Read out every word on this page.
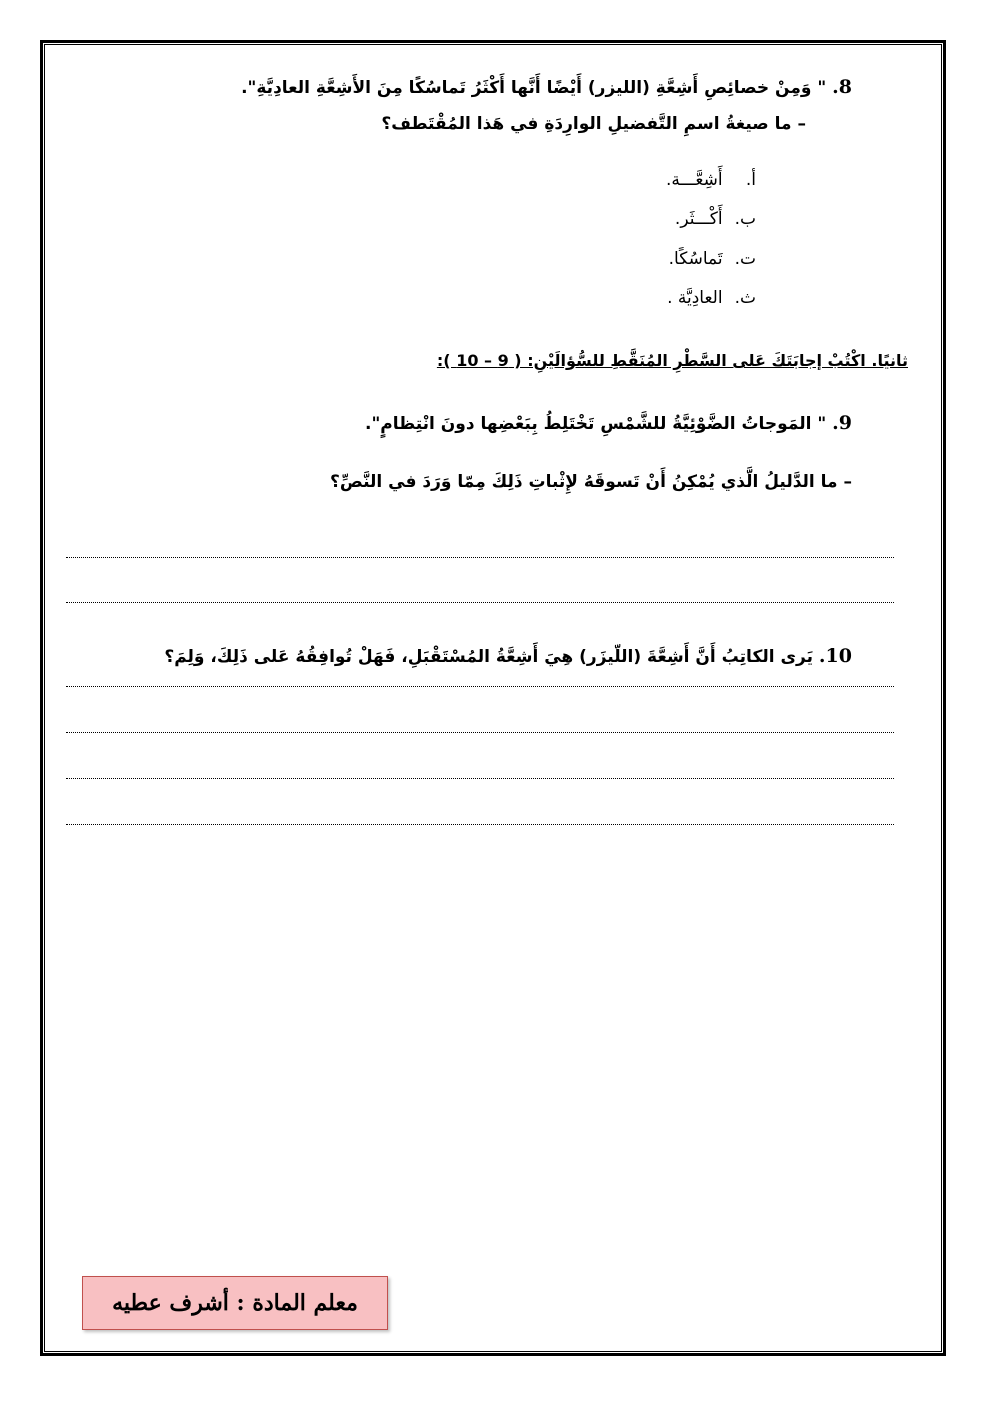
8. " وَمِنْ خصائِصِ أَشِعَّةِ (الليزر) أَيْضًا أَنَّها أَكْثَرُ تَماسُكًا مِنَ الأَشِعَّةِ العادِيَّةِ".
– ما صيغةُ اسمِ التَّفضيلِ الوارِدَةِ في هَذا المُقْتَطف؟
أ. أَشِعَّـــة.
ب. أَكْـــثَر.
ت. تَماسُكًا.
ث. العادِيَّة .
ثانيًا. اكْتُبْ إجابَتَكَ عَلى السَّطْرِ المُنَقَّطِ للسُّؤالَيْنِ: ( 9 – 10 ):
9. " المَوجاتُ الضَّوْئِيَّةُ للشَّمْسِ تَخْتَلِطُ بِبَعْضِها دونَ انْتِظامٍ".
– ما الدَّليلُ الَّذي يُمْكِنُ أَنْ تَسوقَهُ لإِثْباتِ ذَلِكَ مِمّا وَرَدَ في النَّصِّ؟
10. يَرى الكاتِبُ أَنَّ أَشِعَّةَ (اللّيزَر) هِيَ أَشِعَّةُ المُسْتَقْبَلِ، فَهَلْ تُوافِقُهُ عَلى ذَلِكَ، وَلِمَ؟
معلم المادة : أشرف عطيه
